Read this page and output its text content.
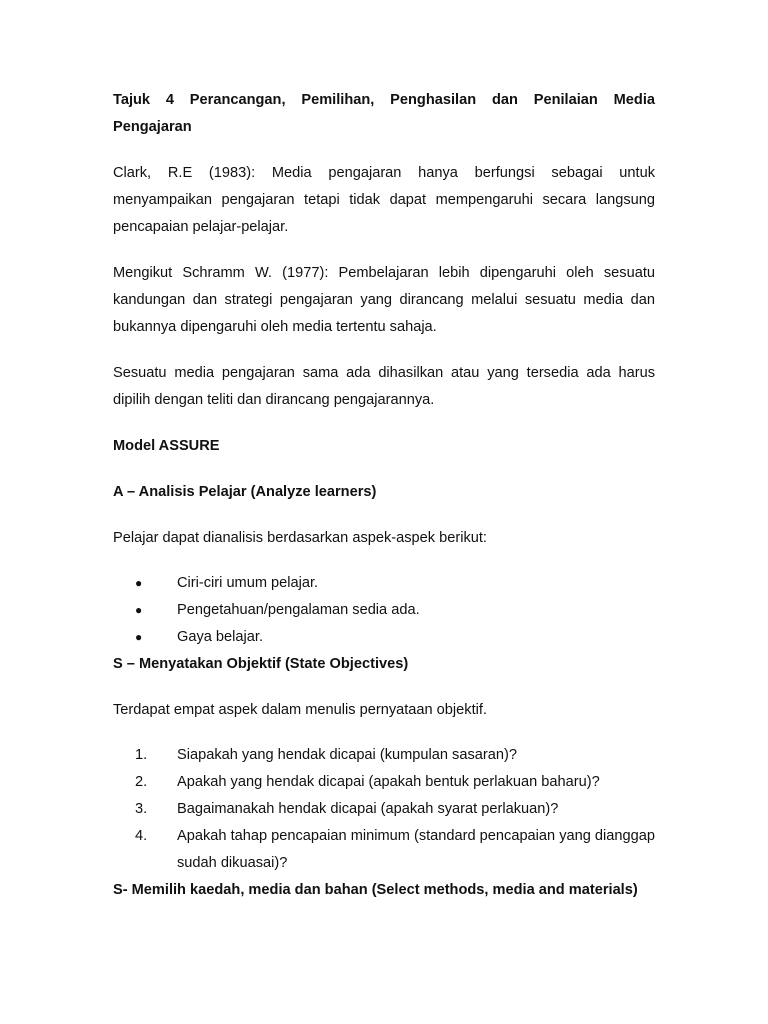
Tajuk 4 Perancangan, Pemilihan, Penghasilan dan Penilaian Media Pengajaran

Clark, R.E (1983): Media pengajaran hanya berfungsi sebagai untuk menyampaikan pengajaran tetapi tidak dapat mempengaruhi secara langsung pencapaian pelajar-pelajar.

Mengikut Schramm W. (1977): Pembelajaran lebih dipengaruhi oleh sesuatu kandungan dan strategi pengajaran yang dirancang melalui sesuatu media dan bukannya dipengaruhi oleh media tertentu sahaja.

Sesuatu media pengajaran sama ada dihasilkan atau yang tersedia ada harus dipilih dengan teliti dan dirancang pengajarannya.

Model ASSURE

A – Analisis Pelajar (Analyze learners)

Pelajar dapat dianalisis berdasarkan aspek-aspek berikut:

●	Ciri-ciri umum pelajar.
●	Pengetahuan/pengalaman sedia ada.
●	Gaya belajar.

S – Menyatakan Objektif (State Objectives)

Terdapat empat aspek dalam menulis pernyataan objektif.

1.	Siapakah yang hendak dicapai (kumpulan sasaran)?
2.	Apakah yang hendak dicapai (apakah bentuk perlakuan baharu)?
3.	Bagaimanakah hendak dicapai (apakah syarat perlakuan)?
4.	Apakah tahap pencapaian minimum (standard pencapaian yang dianggap sudah dikuasai)?

S- Memilih kaedah, media dan bahan (Select methods, media and materials)
